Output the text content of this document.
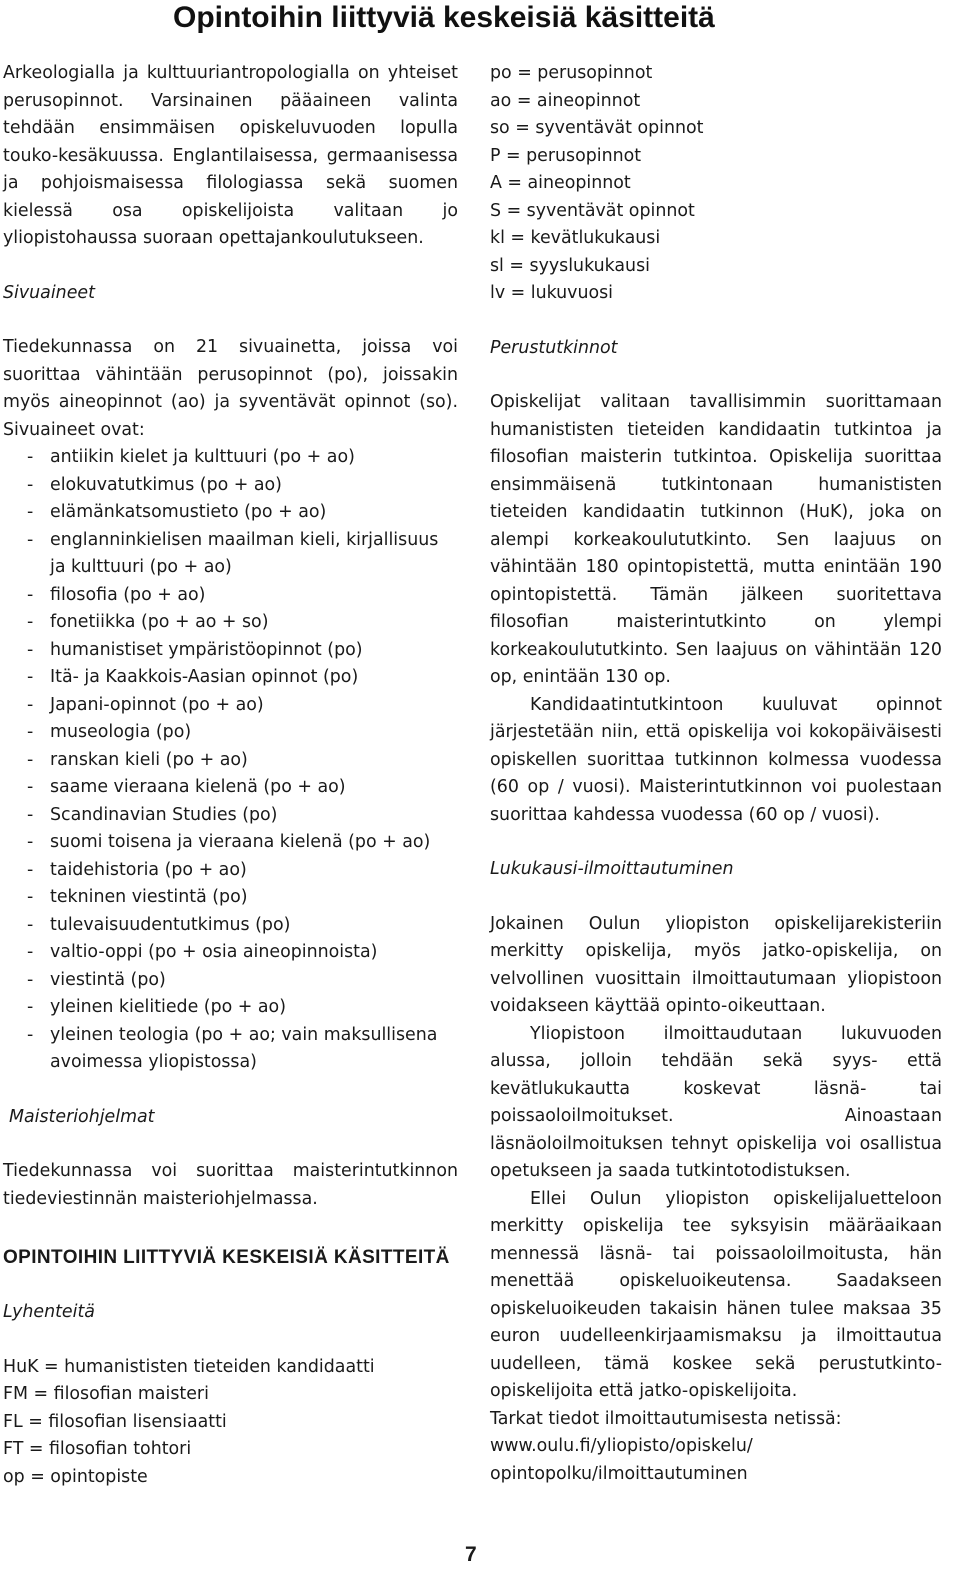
Opintoihin liittyviä keskeisiä käsitteitä

Arkeologialla ja kulttuuriantropologialla on yhteiset perusopinnot. Varsinainen pääaineen valinta tehdään ensimmäisen opiskeluvuoden lopulla touko-kesäkuussa. Englantilaisessa, germaanisessa ja pohjoismaisessa filologiassa sekä suomen kielessä osa opiskelijoista valitaan jo yliopistohaussa suoraan opettajankoulutukseen.

Sivuaineet

Tiedekunnassa on 21 sivuainetta, joissa voi suorittaa vähintään perusopinnot (po), joissakin myös aineopinnot (ao) ja syventävät opinnot (so). Sivuaineet ovat:

- antiikin kielet ja kulttuuri (po + ao)
- elokuvatutkimus (po + ao)
- elämänkatsomustieto (po + ao)
- englanninkielisen maailman kieli, kirjallisuus ja kulttuuri (po + ao)
- filosofia (po + ao)
- fonetiikka (po + ao + so)
- humanistiset ympäristöopinnot (po)
- Itä- ja Kaakkois-Aasian opinnot (po)
- Japani-opinnot (po + ao)
- museologia (po)
- ranskan kieli (po + ao)
- saame vieraana kielenä (po + ao)
- Scandinavian Studies (po)
- suomi toisena ja vieraana kielenä (po + ao)
- taidehistoria (po + ao)
- tekninen viestintä (po)
- tulevaisuudentutkimus (po)
- valtio-oppi (po + osia aineopinnoista)
- viestintä (po)
- yleinen kielitiede (po + ao)
- yleinen teologia (po + ao; vain maksullisena avoimessa yliopistossa)

Maisteriohjelmat

Tiedekunnassa voi suorittaa maisterintutkinnon tiedeviestinnän maisteriohjelmassa.

OPINTOIHIN LIITTYVIÄ KESKEISIÄ KÄSITTEITÄ

Lyhenteitä

HuK = humanististen tieteiden kandidaatti

FM = filosofian maisteri

FL = filosofian lisensiaatti

FT = filosofian tohtori

op = opintopiste

po = perusopinnot

ao = aineopinnot

so = syventävät opinnot

P = perusopinnot

A = aineopinnot

S = syventävät opinnot

kl = kevätlukukausi

sl = syyslukukausi

lv = lukuvuosi

Perustutkinnot

Opiskelijat valitaan tavallisimmin suorittamaan humanististen tieteiden kandidaatin tutkintoa ja filosofian maisterin tutkintoa. Opiskelija suorittaa ensimmäisenä tutkintonaan humanististen tieteiden kandidaatin tutkinnon (HuK), joka on alempi korkeakoulututkinto. Sen laajuus on vähintään 180 opintopistettä, mutta enintään 190 opintopistettä. Tämän jälkeen suoritettava filosofian maisterintutkinto on ylempi korkeakoulututkinto. Sen laajuus on vähintään 120 op, enintään 130 op.

Kandidaatintutkintoon kuuluvat opinnot järjestetään niin, että opiskelija voi kokopäiväisesti opiskellen suorittaa tutkinnon kolmessa vuodessa (60 op / vuosi). Maisterintutkinnon voi puolestaan suorittaa kahdessa vuodessa (60 op / vuosi).

Lukukausi-ilmoittautuminen

Jokainen Oulun yliopiston opiskelijarekisteriin merkitty opiskelija, myös jatko-opiskelija, on velvollinen vuosittain ilmoittautumaan yliopistoon voidakseen käyttää opinto-oikeuttaan.

Yliopistoon ilmoittaudutaan lukuvuoden alussa, jolloin tehdään sekä syys- että kevätlukukautta koskevat läsnä- tai poissaoloilmoitukset. Ainoastaan läsnäoloilmoituksen tehnyt opiskelija voi osallistua opetukseen ja saada tutkintotodistuksen.

Ellei Oulun yliopiston opiskelijaluetteloon merkitty opiskelija tee syksyisin määräaikaan mennessä läsnä- tai poissaoloilmoitusta, hän menettää opiskeluoikeutensa. Saadakseen opiskeluoikeuden takaisin hänen tulee maksaa 35 euron uudelleenkirjaamismaksu ja ilmoittautua uudelleen, tämä koskee sekä perustutkinto-opiskelijoita että jatko-opiskelijoita.

Tarkat tiedot ilmoittautumisesta netissä:

www.oulu.fi/yliopisto/opiskelu/

opintopolku/ilmoittautuminen

7
